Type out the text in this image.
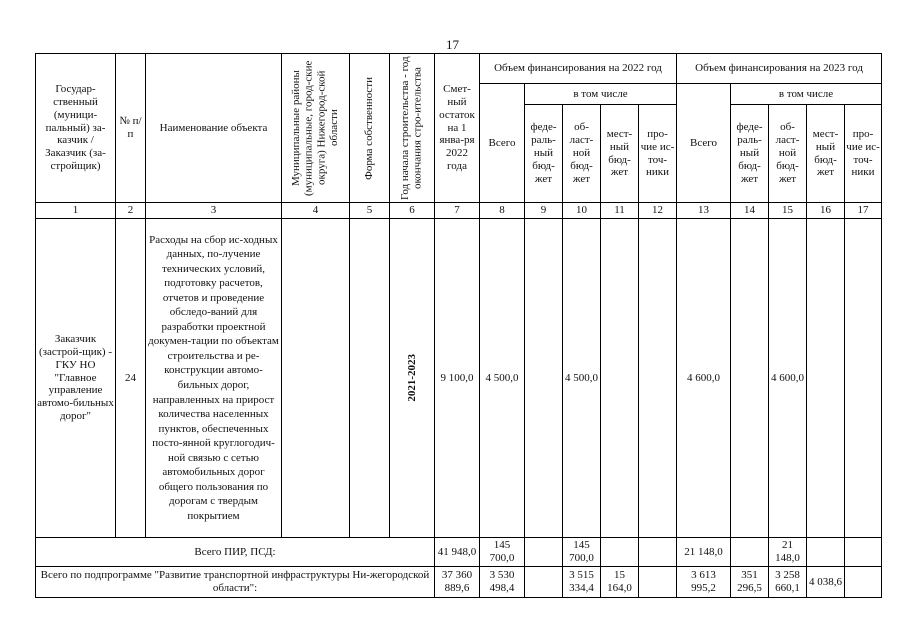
17
Государ-ственный (муници-пальный) за-казчик / Заказчик (за-стройщик)	№ п/п	Наименование объекта	Муниципальные районы (муниципальные, город-ские округа) Нижегород-ской области	Форма собственности	Год начала строительства - год окончания стро-ительства	Смет-ный остаток на 1 янва-ря 2022 года	Объем финансирования на 2022 год					Объем финансирования на 2023 год				
							Всего	в том числе				Всего	в том числе			
								феде-раль-ный бюд-жет	об-ласт-ной бюд-жет	мест-ный бюд-жет	про-чие ис-точ-ники		феде-раль-ный бюд-жет	об-ласт-ной бюд-жет	мест-ный бюд-жет	про-чие ис-точ-ники
1	2	3	4	5	6	7	8	9	10	11	12	13	14	15	16	17
Заказчик (застрой-щик) - ГКУ НО "Главное управление автомо-бильных дорог"	24	Расходы на сбор ис-ходных данных, по-лучение технических условий, подготовку расчетов, отчетов и проведение обследо-ваний для разработки проектной докумен-тации по объектам строительства и ре-конструкции автомо-бильных дорог, направленных на прирост количества населенных пунктов, обеспеченных посто-янной круглогодич-ной связью с сетью автомобильных дорог общего пользования по дорогам с твердым покрытием			2021-2023	9 100,0	4 500,0		4 500,0			4 600,0		4 600,0		
Всего ПИР, ПСД:						41 948,0	145 700,0		145 700,0			21 148,0		21 148,0		
Всего по подпрограмме "Развитие транспортной инфраструктуры Ни-жегородской области":						37 360 889,6	3 530 498,4		3 515 334,4	15 164,0		3 613 995,2	351 296,5	3 258 660,1	4 038,6	
